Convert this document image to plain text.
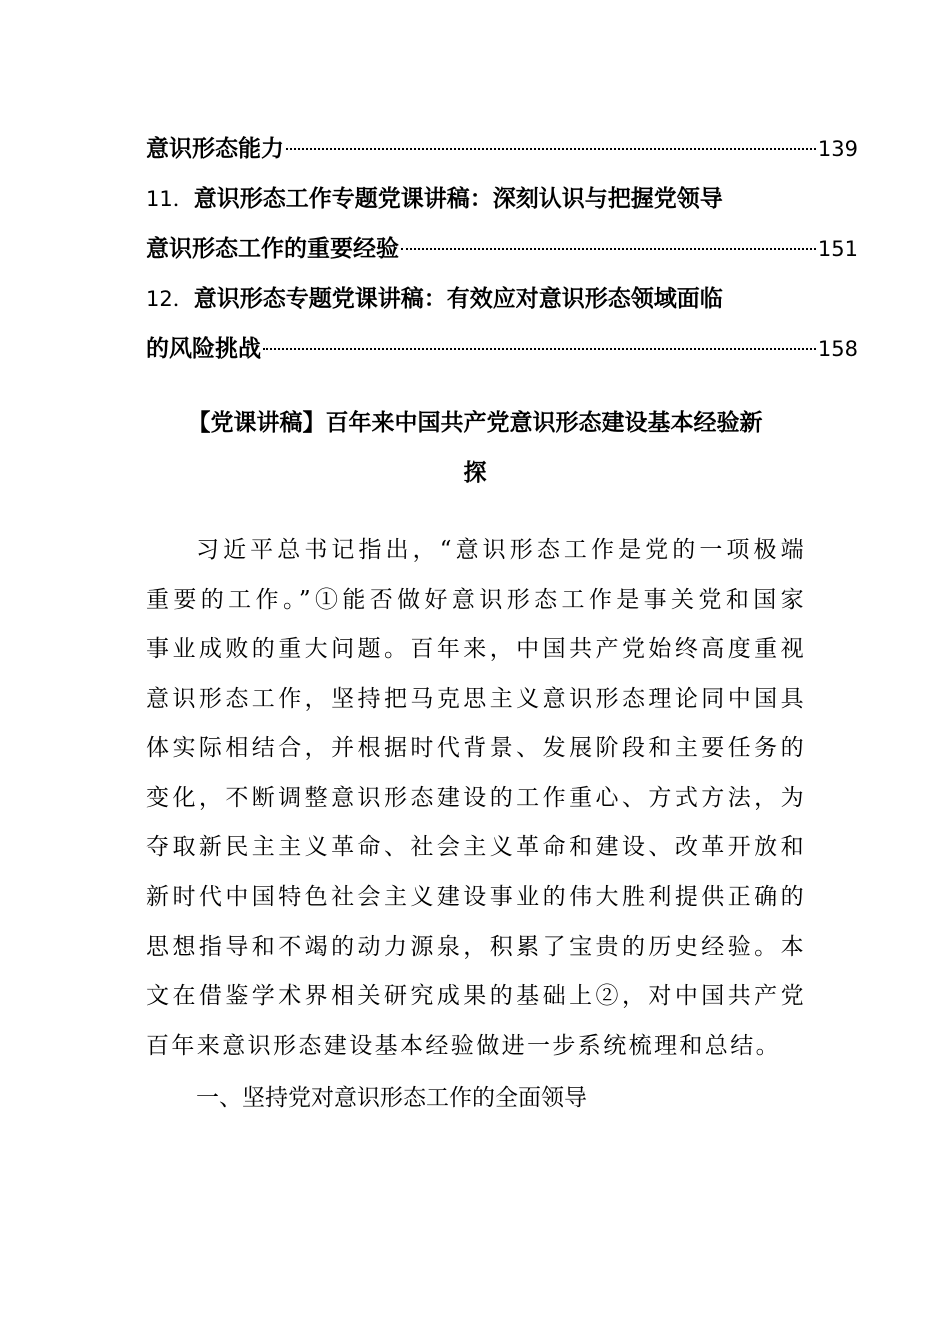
意识形态能力	139
11．意识形态工作专题党课讲稿：深刻认识与把握党领导
意识形态工作的重要经验	151
12．意识形态专题党课讲稿：有效应对意识形态领域面临
的风险挑战	158
【党课讲稿】百年来中国共产党意识形态建设基本经验新
探
习近平总书记指出，“意识形态工作是党的一项极端
重要的工作。”①能否做好意识形态工作是事关党和国家
事业成败的重大问题。百年来，中国共产党始终高度重视
意识形态工作，坚持把马克思主义意识形态理论同中国具
体实际相结合，并根据时代背景、发展阶段和主要任务的
变化，不断调整意识形态建设的工作重心、方式方法，为
夺取新民主主义革命、社会主义革命和建设、改革开放和
新时代中国特色社会主义建设事业的伟大胜利提供正确的
思想指导和不竭的动力源泉，积累了宝贵的历史经验。本
文在借鉴学术界相关研究成果的基础上②，对中国共产党
百年来意识形态建设基本经验做进一步系统梳理和总结。
一、坚持党对意识形态工作的全面领导
